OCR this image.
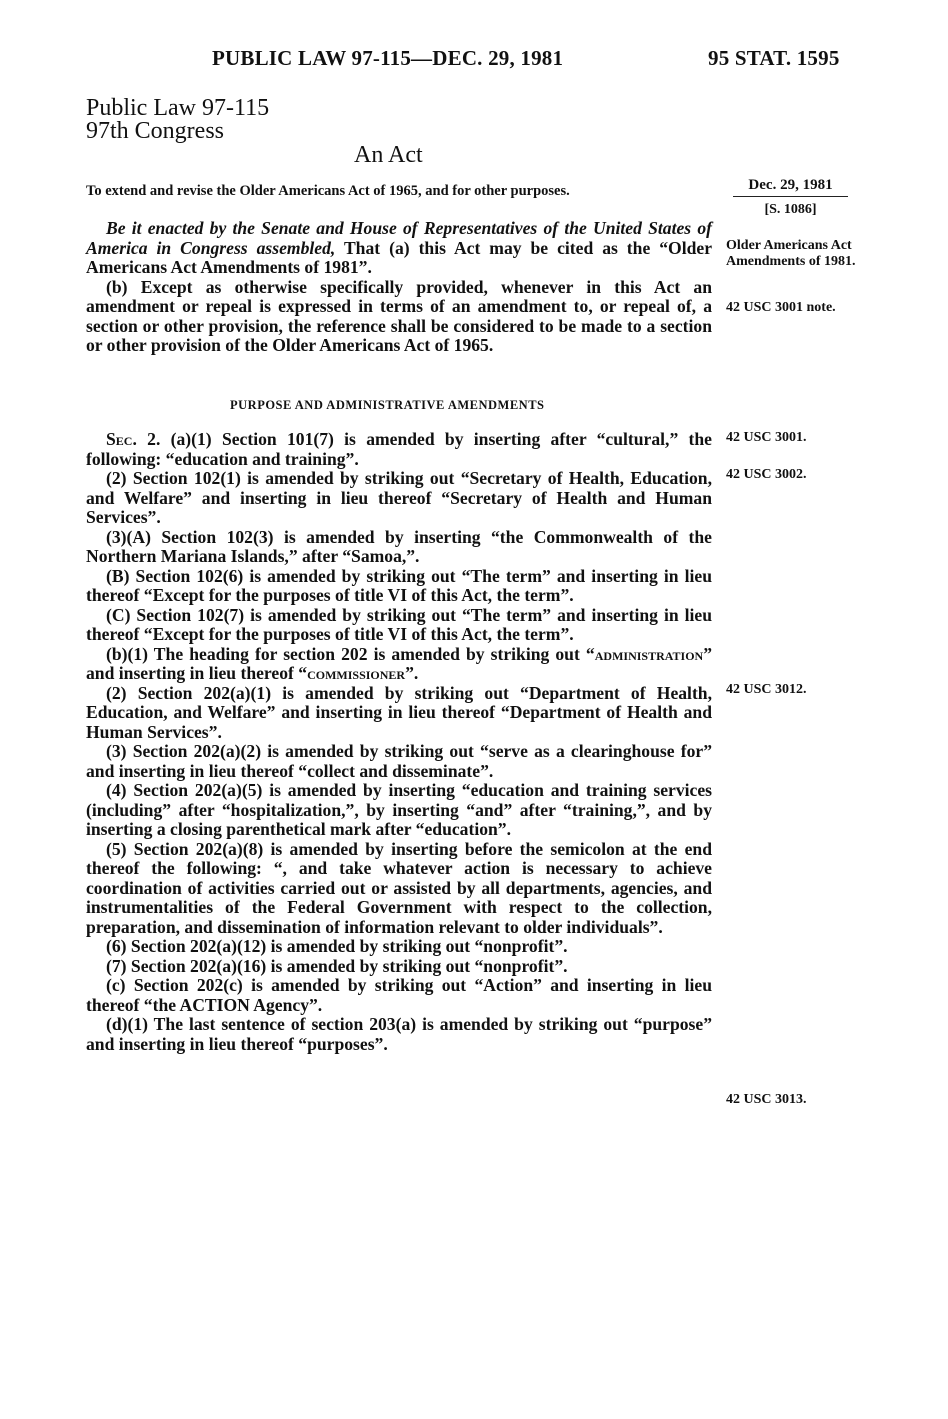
PUBLIC LAW 97-115—DEC. 29, 1981	95 STAT. 1595
Public Law 97-115
97th Congress
An Act
To extend and revise the Older Americans Act of 1965, and for other purposes.	Dec. 29, 1981
[S. 1086]
Older Americans Act Amendments of 1981.
42 USC 3001 note.
42 USC 3001.
42 USC 3002.
42 USC 3012.
42 USC 3013.

Be it enacted by the Senate and House of Representatives of the United States of America in Congress assembled, That (a) this Act may be cited as the “Older Americans Act Amendments of 1981”.

(b) Except as otherwise specifically provided, whenever in this Act an amendment or repeal is expressed in terms of an amendment to, or repeal of, a section or other provision, the reference shall be considered to be made to a section or other provision of the Older Americans Act of 1965.

PURPOSE AND ADMINISTRATIVE AMENDMENTS

Sec. 2. (a)(1) Section 101(7) is amended by inserting after “cultural,” the following: “education and training”.

(2) Section 102(1) is amended by striking out “Secretary of Health, Education, and Welfare” and inserting in lieu thereof “Secretary of Health and Human Services”.

(3)(A) Section 102(3) is amended by inserting “the Commonwealth of the Northern Mariana Islands,” after “Samoa,”.

(B) Section 102(6) is amended by striking out “The term” and inserting in lieu thereof “Except for the purposes of title VI of this Act, the term”.

(C) Section 102(7) is amended by striking out “The term” and inserting in lieu thereof “Except for the purposes of title VI of this Act, the term”.

(b)(1) The heading for section 202 is amended by striking out “administration” and inserting in lieu thereof “commissioner”.

(2) Section 202(a)(1) is amended by striking out “Department of Health, Education, and Welfare” and inserting in lieu thereof “Department of Health and Human Services”.

(3) Section 202(a)(2) is amended by striking out “serve as a clearinghouse for” and inserting in lieu thereof “collect and disseminate”.

(4) Section 202(a)(5) is amended by inserting “education and training services (including” after “hospitalization,”, by inserting “and” after “training,”, and by inserting a closing parenthetical mark after “education”.

(5) Section 202(a)(8) is amended by inserting before the semicolon at the end thereof the following: “, and take whatever action is necessary to achieve coordination of activities carried out or assisted by all departments, agencies, and instrumentalities of the Federal Government with respect to the collection, preparation, and dissemination of information relevant to older individuals”.

(6) Section 202(a)(12) is amended by striking out “nonprofit”.

(7) Section 202(a)(16) is amended by striking out “nonprofit”.

(c) Section 202(c) is amended by striking out “Action” and inserting in lieu thereof “the ACTION Agency”.

(d)(1) The last sentence of section 203(a) is amended by striking out “purpose” and inserting in lieu thereof “purposes”.
